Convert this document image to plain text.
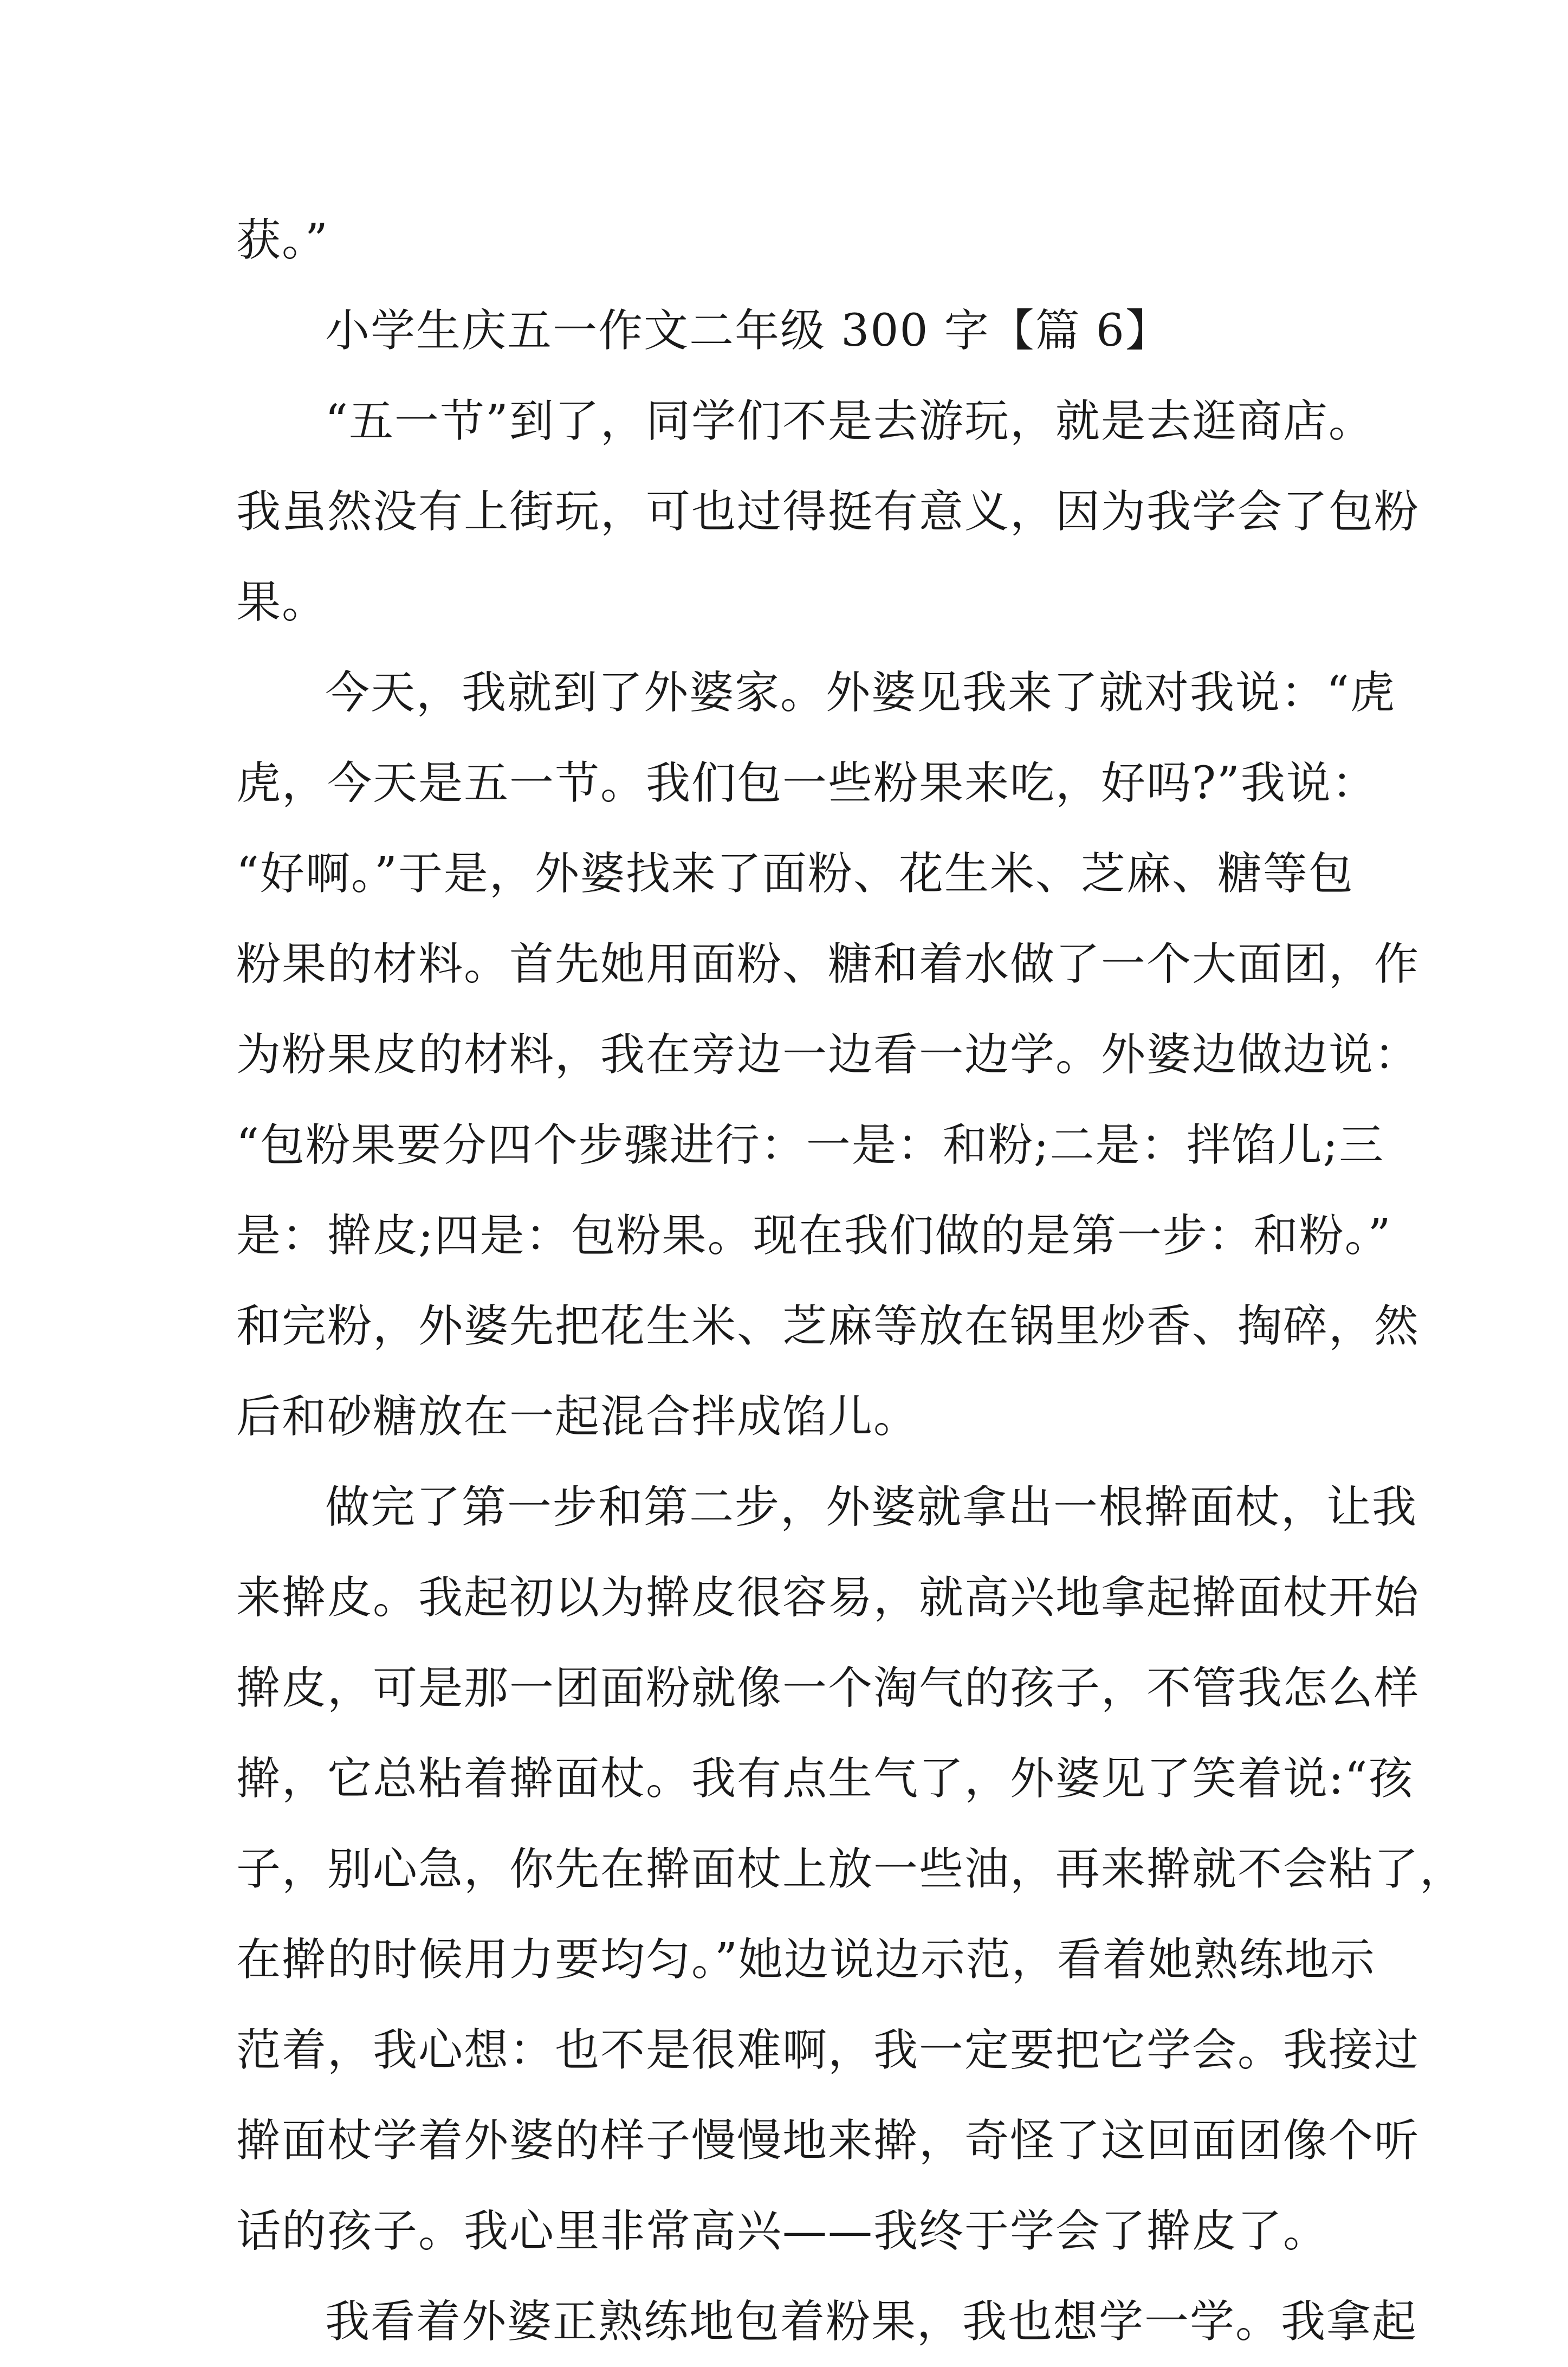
获。”
小学生庆五一作文二年级 300 字【篇 6】
“五一节”到了，同学们不是去游玩，就是去逛商店。
我虽然没有上街玩，可也过得挺有意义，因为我学会了包粉
果。
今天，我就到了外婆家。外婆见我来了就对我说：“虎
虎，今天是五一节。我们包一些粉果来吃，好吗?”我说：
“好啊。”于是，外婆找来了面粉、花生米、芝麻、糖等包
粉果的材料。首先她用面粉、糖和着水做了一个大面团，作
为粉果皮的材料，我在旁边一边看一边学。外婆边做边说：
“包粉果要分四个步骤进行：一是：和粉;二是：拌馅儿;三
是：擀皮;四是：包粉果。现在我们做的是第一步：和粉。”
和完粉，外婆先把花生米、芝麻等放在锅里炒香、掏碎，然
后和砂糖放在一起混合拌成馅儿。
做完了第一步和第二步，外婆就拿出一根擀面杖，让我
来擀皮。我起初以为擀皮很容易，就高兴地拿起擀面杖开始
擀皮，可是那一团面粉就像一个淘气的孩子，不管我怎么样
擀，它总粘着擀面杖。我有点生气了，外婆见了笑着说:“孩
子，别心急，你先在擀面杖上放一些油，再来擀就不会粘了，
在擀的时候用力要均匀。”她边说边示范，看着她熟练地示
范着，我心想：也不是很难啊，我一定要把它学会。我接过
擀面杖学着外婆的样子慢慢地来擀，奇怪了这回面团像个听
话的孩子。我心里非常高兴——我终于学会了擀皮了。
我看着外婆正熟练地包着粉果，我也想学一学。我拿起
